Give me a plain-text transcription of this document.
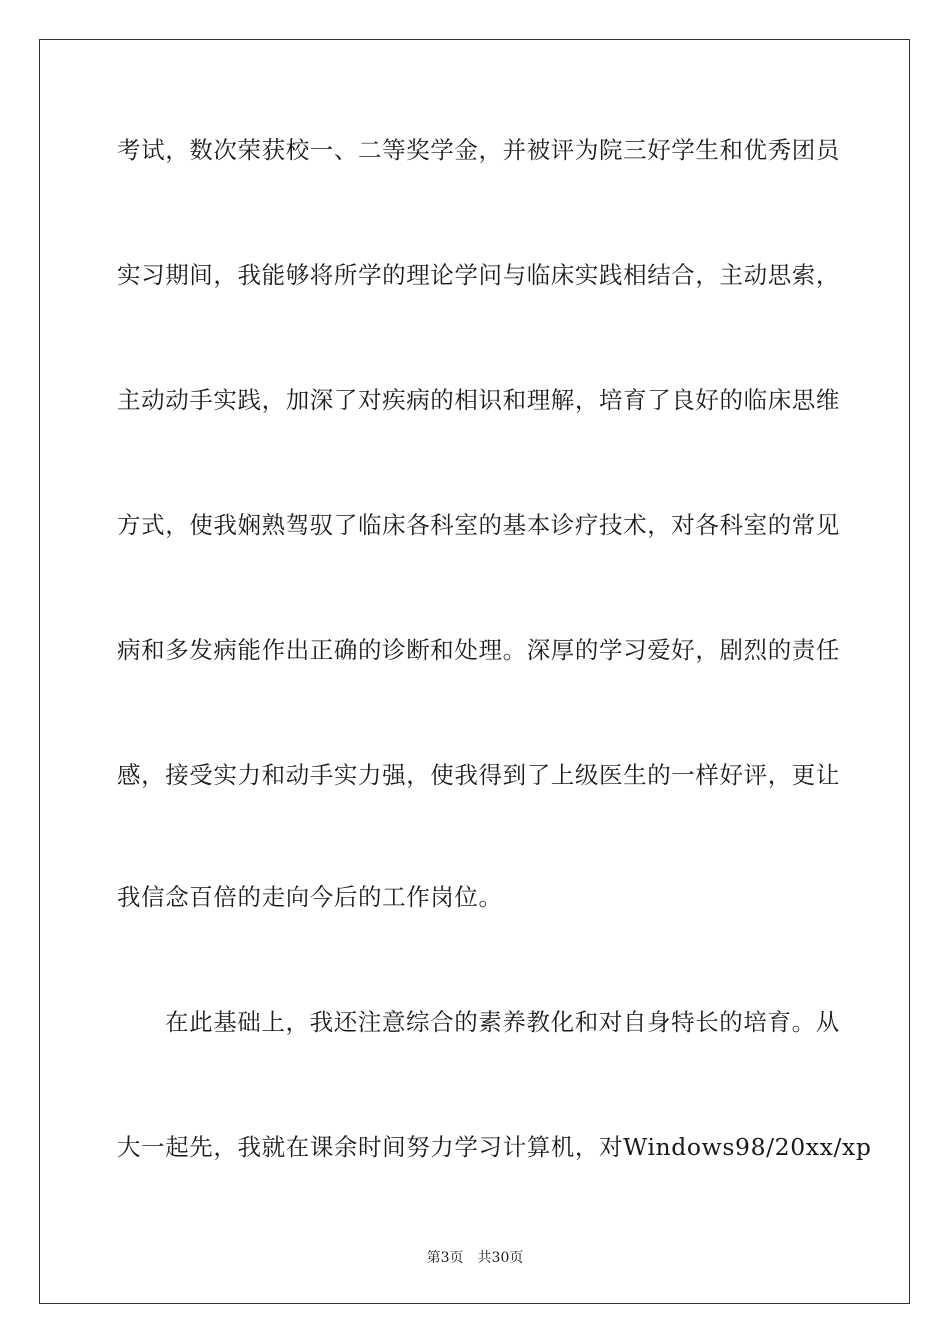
考试，数次荣获校一、二等奖学金，并被评为院三好学生和优秀团员
实习期间，我能够将所学的理论学问与临床实践相结合，主动思索，
主动动手实践，加深了对疾病的相识和理解，培育了良好的临床思维
方式，使我娴熟驾驭了临床各科室的基本诊疗技术，对各科室的常见
病和多发病能作出正确的诊断和处理。深厚的学习爱好，剧烈的责任
感，接受实力和动手实力强，使我得到了上级医生的一样好评，更让
我信念百倍的走向今后的工作岗位。
在此基础上，我还注意综合的素养教化和对自身特长的培育。从
大一起先，我就在课余时间努力学习计算机，对Windows98/20xx/xp
第3页 共30页
